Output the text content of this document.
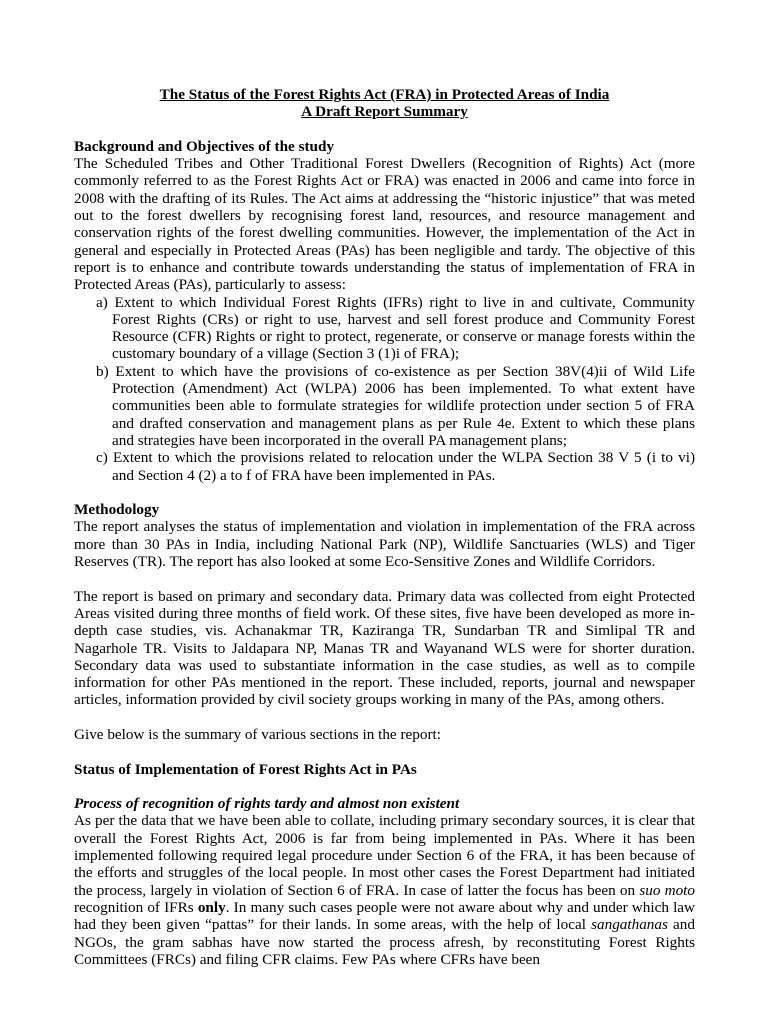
The Status of the Forest Rights Act (FRA) in Protected Areas of India

A Draft Report Summary

Background and Objectives of the study

The Scheduled Tribes and Other Traditional Forest Dwellers (Recognition of Rights) Act (more commonly referred to as the Forest Rights Act or FRA) was enacted in 2006 and came into force in 2008 with the drafting of its Rules. The Act aims at addressing the “historic injustice” that was meted out to the forest dwellers by recognising forest land, resources, and resource management and conservation rights of the forest dwelling communities. However, the implementation of the Act in general and especially in Protected Areas (PAs) has been negligible and tardy. The objective of this report is to enhance and contribute towards understanding the status of implementation of FRA in Protected Areas (PAs), particularly to assess:

a) Extent to which Individual Forest Rights (IFRs) right to live in and cultivate, Community Forest Rights (CRs) or right to use, harvest and sell forest produce and Community Forest Resource (CFR) Rights or right to protect, regenerate, or conserve or manage forests within the customary boundary of a village (Section 3 (1)i of FRA);
b) Extent to which have the provisions of co-existence as per Section 38V(4)ii of Wild Life Protection (Amendment) Act (WLPA) 2006 has been implemented. To what extent have communities been able to formulate strategies for wildlife protection under section 5 of FRA and drafted conservation and management plans as per Rule 4e. Extent to which these plans and strategies have been incorporated in the overall PA management plans;
c) Extent to which the provisions related to relocation under the WLPA Section 38 V 5 (i to vi) and Section 4 (2) a to f of FRA have been implemented in PAs.

Methodology

The report analyses the status of implementation and violation in implementation of the FRA across more than 30 PAs in India, including National Park (NP), Wildlife Sanctuaries (WLS) and Tiger Reserves (TR). The report has also looked at some Eco-Sensitive Zones and Wildlife Corridors.

The report is based on primary and secondary data. Primary data was collected from eight Protected Areas visited during three months of field work. Of these sites, five have been developed as more in-depth case studies, vis. Achanakmar TR, Kaziranga TR, Sundarban TR and Simlipal TR and Nagarhole TR. Visits to Jaldapara NP, Manas TR and Wayanand WLS were for shorter duration. Secondary data was used to substantiate information in the case studies, as well as to compile information for other PAs mentioned in the report. These included, reports, journal and newspaper articles, information provided by civil society groups working in many of the PAs, among others.

Give below is the summary of various sections in the report:

Status of Implementation of Forest Rights Act in PAs

Process of recognition of rights tardy and almost non existent

As per the data that we have been able to collate, including primary secondary sources, it is clear that overall the Forest Rights Act, 2006 is far from being implemented in PAs. Where it has been implemented following required legal procedure under Section 6 of the FRA, it has been because of the efforts and struggles of the local people. In most other cases the Forest Department had initiated the process, largely in violation of Section 6 of FRA. In case of latter the focus has been on suo moto recognition of IFRs only. In many such cases people were not aware about why and under which law had they been given “pattas” for their lands. In some areas, with the help of local sangathanas and NGOs, the gram sabhas have now started the process afresh, by reconstituting Forest Rights Committees (FRCs) and filing CFR claims. Few PAs where CFRs have been
